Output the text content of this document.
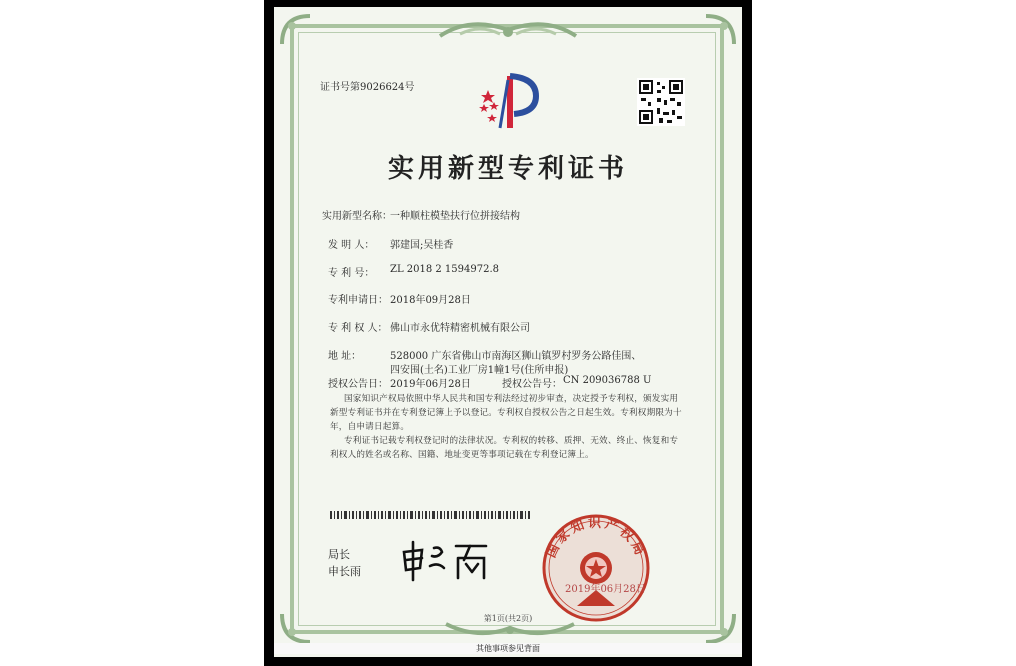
证书号第9026624号
实用新型专利证书
实用新型名称：
一种顺柱模垫扶行位拼接结构
发 明 人： 郭建国;吴桂香
专 利 号： ZL 2018 2 1594972.8
专利申请日： 2018年09月28日
专 利 权 人： 佛山市永优特精密机械有限公司
地 址：	528000 广东省佛山市南海区狮山镇罗村罗务公路佳围、
四安围(土名)工业厂房1幢1号(住所申报)
授权公告日： 2019年06月28日	授权公告号： CN 209036788 U
国家知识产权局依照中华人民共和国专利法经过初步审查，决定授予专利权，颁发实用
新型专利证书并在专利登记簿上予以登记。专利权自授权公告之日起生效。专利权期限为十
年，自申请日起算。
专利证书记载专利权登记时的法律状况。专利权的转移、质押、无效、终止、恢复和专
利权人的姓名或名称、国籍、地址变更等事项记载在专利登记簿上。
局长
申长雨
国家知识产权局
2019年06月28日
第1页(共2页)
其他事项参见背面
